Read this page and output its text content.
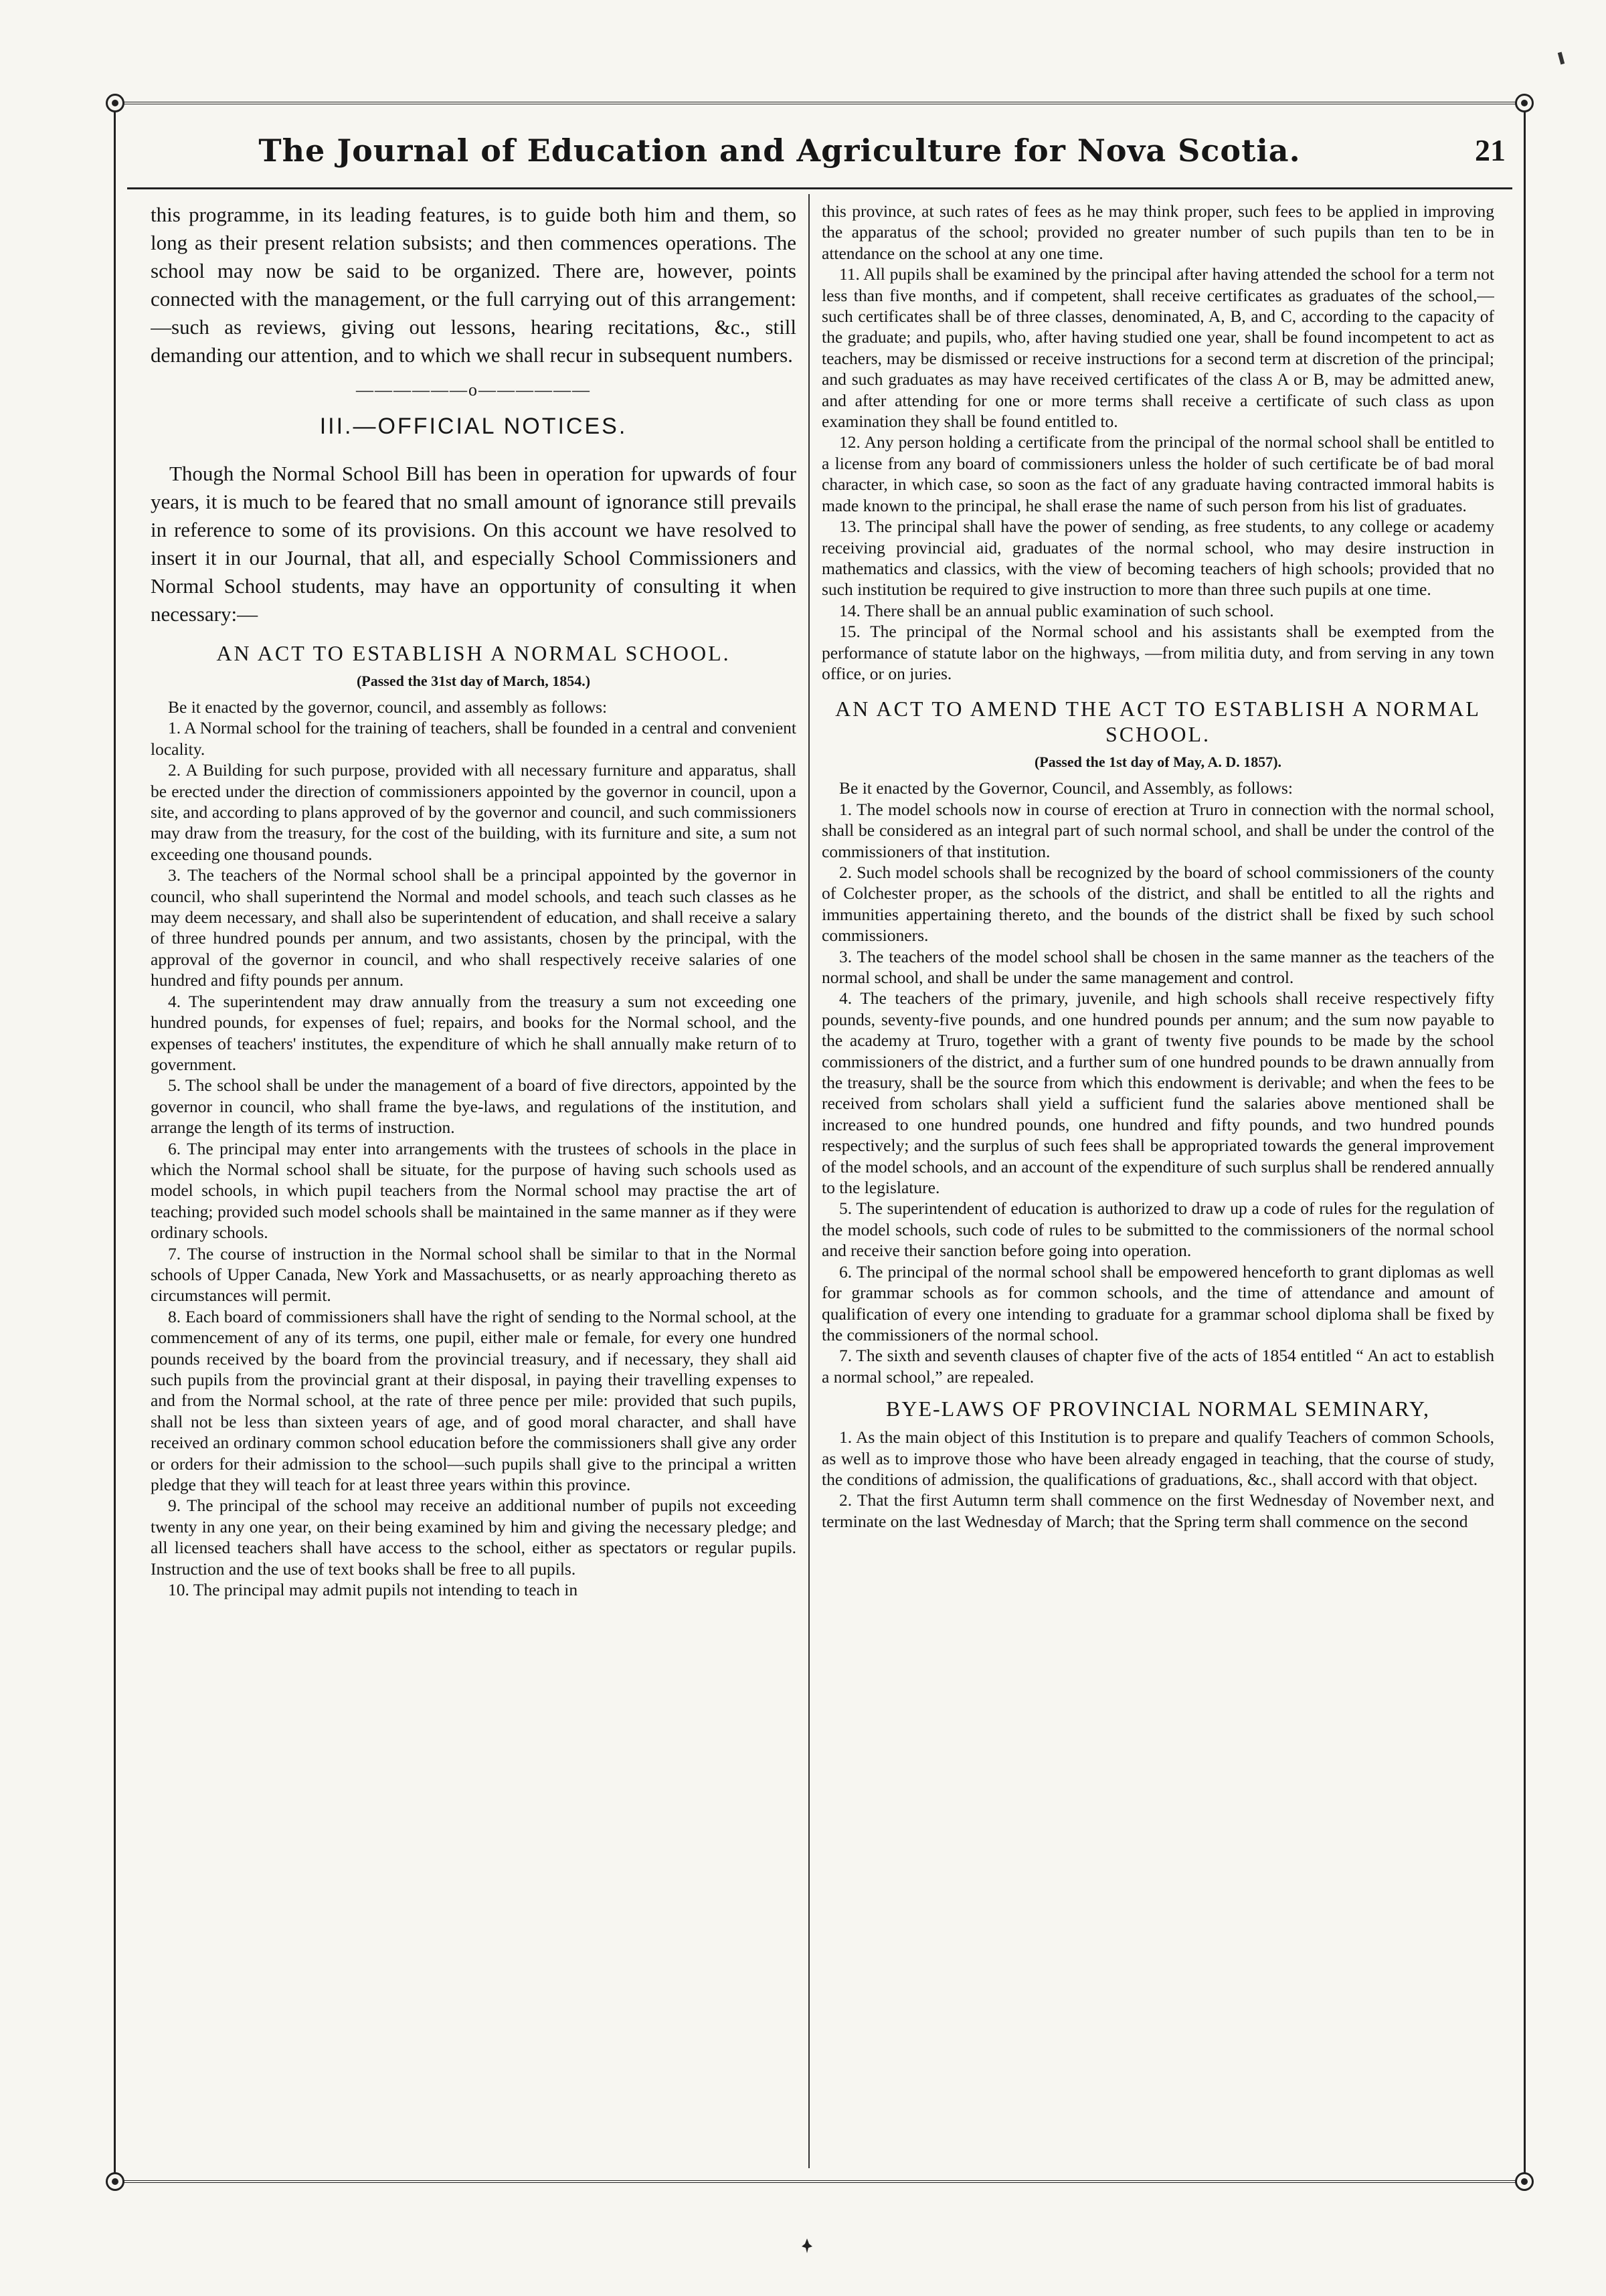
The Journal of Education and Agriculture for Nova Scotia.	21

this programme, in its leading features, is to guide both him and them, so long as their present relation subsists; and then commences operations. The school may now be said to be organized. There are, however, points connected with the management, or the full carrying out of this arrangement:—such as reviews, giving out lessons, hearing recitations, &c., still demanding our attention, and to which we shall recur in subsequent numbers.

——————o——————
III.—OFFICIAL NOTICES.

Though the Normal School Bill has been in operation for upwards of four years, it is much to be feared that no small amount of ignorance still prevails in reference to some of its provisions. On this account we have resolved to insert it in our Journal, that all, and especially School Commissioners and Normal School students, may have an opportunity of consulting it when necessary:—

AN ACT TO ESTABLISH A NORMAL SCHOOL.
(Passed the 31st day of March, 1854.)

Be it enacted by the governor, council, and assembly as follows:

1. A Normal school for the training of teachers, shall be founded in a central and convenient locality.

2. A Building for such purpose, provided with all necessary furniture and apparatus, shall be erected under the direction of commissioners appointed by the governor in council, upon a site, and according to plans approved of by the governor and council, and such commissioners may draw from the treasury, for the cost of the building, with its furniture and site, a sum not exceeding one thousand pounds.

3. The teachers of the Normal school shall be a principal appointed by the governor in council, who shall superintend the Normal and model schools, and teach such classes as he may deem necessary, and shall also be superintendent of education, and shall receive a salary of three hundred pounds per annum, and two assistants, chosen by the principal, with the approval of the governor in council, and who shall respectively receive salaries of one hundred and fifty pounds per annum.

4. The superintendent may draw annually from the treasury a sum not exceeding one hundred pounds, for expenses of fuel; repairs, and books for the Normal school, and the expenses of teachers' institutes, the expenditure of which he shall annually make return of to government.

5. The school shall be under the management of a board of five directors, appointed by the governor in council, who shall frame the bye-laws, and regulations of the institution, and arrange the length of its terms of instruction.

6. The principal may enter into arrangements with the trustees of schools in the place in which the Normal school shall be situate, for the purpose of having such schools used as model schools, in which pupil teachers from the Normal school may practise the art of teaching; provided such model schools shall be maintained in the same manner as if they were ordinary schools.

7. The course of instruction in the Normal school shall be similar to that in the Normal schools of Upper Canada, New York and Massachusetts, or as nearly approaching thereto as circumstances will permit.

8. Each board of commissioners shall have the right of sending to the Normal school, at the commencement of any of its terms, one pupil, either male or female, for every one hundred pounds received by the board from the provincial treasury, and if necessary, they shall aid such pupils from the provincial grant at their disposal, in paying their travelling expenses to and from the Normal school, at the rate of three pence per mile: provided that such pupils, shall not be less than sixteen years of age, and of good moral character, and shall have received an ordinary common school education before the commissioners shall give any order or orders for their admission to the school—such pupils shall give to the principal a written pledge that they will teach for at least three years within this province.

9. The principal of the school may receive an additional number of pupils not exceeding twenty in any one year, on their being examined by him and giving the necessary pledge; and all licensed teachers shall have access to the school, either as spectators or regular pupils. Instruction and the use of text books shall be free to all pupils.

10. The principal may admit pupils not intending to teach in

this province, at such rates of fees as he may think proper, such fees to be applied in improving the apparatus of the school; provided no greater number of such pupils than ten to be in attendance on the school at any one time.

11. All pupils shall be examined by the principal after having attended the school for a term not less than five months, and if competent, shall receive certificates as graduates of the school,—such certificates shall be of three classes, denominated, A, B, and C, according to the capacity of the graduate; and pupils, who, after having studied one year, shall be found incompetent to act as teachers, may be dismissed or receive instructions for a second term at discretion of the principal; and such graduates as may have received certificates of the class A or B, may be admitted anew, and after attending for one or more terms shall receive a certificate of such class as upon examination they shall be found entitled to.

12. Any person holding a certificate from the principal of the normal school shall be entitled to a license from any board of commissioners unless the holder of such certificate be of bad moral character, in which case, so soon as the fact of any graduate having contracted immoral habits is made known to the principal, he shall erase the name of such person from his list of graduates.

13. The principal shall have the power of sending, as free students, to any college or academy receiving provincial aid, graduates of the normal school, who may desire instruction in mathematics and classics, with the view of becoming teachers of high schools; provided that no such institution be required to give instruction to more than three such pupils at one time.

14. There shall be an annual public examination of such school.

15. The principal of the Normal school and his assistants shall be exempted from the performance of statute labor on the highways, —from militia duty, and from serving in any town office, or on juries.

AN ACT TO AMEND THE ACT TO ESTABLISH A NORMAL SCHOOL.
(Passed the 1st day of May, A. D. 1857).

Be it enacted by the Governor, Council, and Assembly, as follows:

1. The model schools now in course of erection at Truro in connection with the normal school, shall be considered as an integral part of such normal school, and shall be under the control of the commissioners of that institution.

2. Such model schools shall be recognized by the board of school commissioners of the county of Colchester proper, as the schools of the district, and shall be entitled to all the rights and immunities appertaining thereto, and the bounds of the district shall be fixed by such school commissioners.

3. The teachers of the model school shall be chosen in the same manner as the teachers of the normal school, and shall be under the same management and control.

4. The teachers of the primary, juvenile, and high schools shall receive respectively fifty pounds, seventy-five pounds, and one hundred pounds per annum; and the sum now payable to the academy at Truro, together with a grant of twenty five pounds to be made by the school commissioners of the district, and a further sum of one hundred pounds to be drawn annually from the treasury, shall be the source from which this endowment is derivable; and when the fees to be received from scholars shall yield a sufficient fund the salaries above mentioned shall be increased to one hundred pounds, one hundred and fifty pounds, and two hundred pounds respectively; and the surplus of such fees shall be appropriated towards the general improvement of the model schools, and an account of the expenditure of such surplus shall be rendered annually to the legislature.

5. The superintendent of education is authorized to draw up a code of rules for the regulation of the model schools, such code of rules to be submitted to the commissioners of the normal school and receive their sanction before going into operation.

6. The principal of the normal school shall be empowered henceforth to grant diplomas as well for grammar schools as for common schools, and the time of attendance and amount of qualification of every one intending to graduate for a grammar school diploma shall be fixed by the commissioners of the normal school.

7. The sixth and seventh clauses of chapter five of the acts of 1854 entitled “ An act to establish a normal school,” are repealed.

BYE-LAWS OF PROVINCIAL NORMAL SEMINARY,

1. As the main object of this Institution is to prepare and qualify Teachers of common Schools, as well as to improve those who have been already engaged in teaching, that the course of study, the conditions of admission, the qualifications of graduations, &c., shall accord with that object.

2. That the first Autumn term shall commence on the first Wednesday of November next, and terminate on the last Wednesday of March; that the Spring term shall commence on the second
